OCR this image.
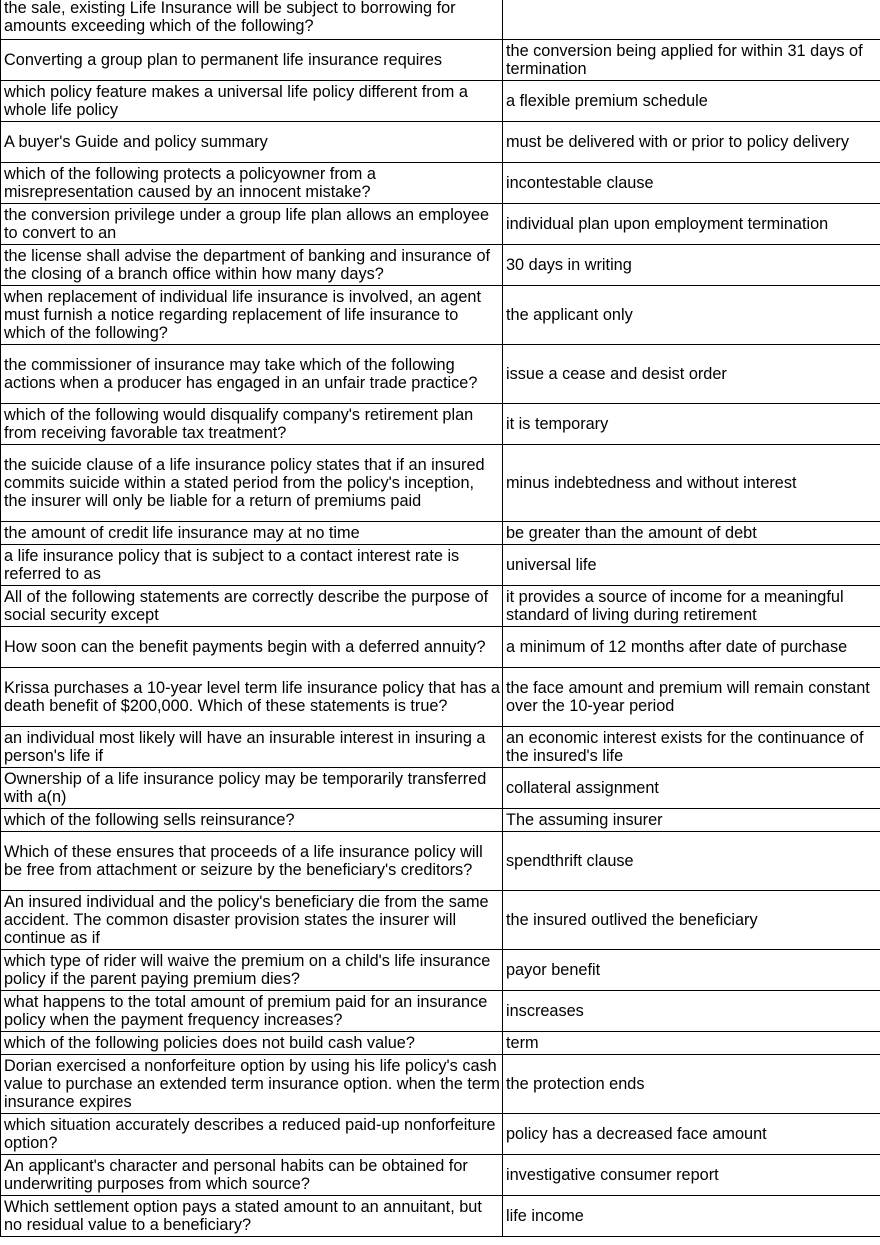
the sale, existing Life Insurance will be subject to borrowing for amounts exceeding which of the following?	
Converting a group plan to permanent life insurance requires	the conversion being applied for within 31 days of termination
which policy feature makes a universal life policy different from a whole life policy	a flexible premium schedule
A buyer's Guide and policy summary	must be delivered with or prior to policy delivery
which of the following protects a policyowner from a misrepresentation caused by an innocent mistake?	incontestable clause
the conversion privilege under a group life plan allows an employee to convert to an	individual plan upon employment termination
the license shall advise the department of banking and insurance of the closing of a branch office within how many days?	30 days in writing
when replacement of individual life insurance is involved, an agent must furnish a notice regarding replacement of life insurance to which of the following?	the applicant only
the commissioner of insurance may take which of the following actions when a producer has engaged in an unfair trade practice?	issue a cease and desist order
which of the following would disqualify company's retirement plan from receiving favorable tax treatment?	it is temporary
the suicide clause of a life insurance policy states that if an insured commits suicide within a stated period from the policy's inception, the insurer will only be liable for a return of premiums paid	minus indebtedness and without interest
the amount of credit life insurance may at no time	be greater than the amount of debt
a life insurance policy that is subject to a contact interest rate is referred to as	universal life
All of the following statements are correctly describe the purpose of social security except	it provides a source of income for a meaningful standard of living during retirement
How soon can the benefit payments begin with a deferred annuity?	a minimum of 12 months after date of purchase
Krissa purchases a 10-year level term life insurance policy that has a death benefit of $200,000. Which of these statements is true?	the face amount and premium will remain constant over the 10-year period
an individual most likely will have an insurable interest in insuring a person's life if	an economic interest exists for the continuance of the insured's life
Ownership of a life insurance policy may be temporarily transferred with a(n)	collateral assignment
which of the following sells reinsurance?	The assuming insurer
Which of these ensures that proceeds of a life insurance policy will be free from attachment or seizure by the beneficiary's creditors?	spendthrift clause
An insured individual and the policy's beneficiary die from the same accident. The common disaster provision states the insurer will continue as if	the insured outlived the beneficiary
which type of rider will waive the premium on a child's life insurance policy if the parent paying premium dies?	payor benefit
what happens to the total amount of premium paid for an insurance policy when the payment frequency increases?	inscreases
which of the following policies does not build cash value?	term
Dorian exercised a nonforfeiture option by using his life policy's cash value to purchase an extended term insurance option. when the term insurance expires	the protection ends
which situation accurately describes a reduced paid-up nonforfeiture option?	policy has a decreased face amount
An applicant's character and personal habits can be obtained for underwriting purposes from which source?	investigative consumer report
Which settlement option pays a stated amount to an annuitant, but no residual value to a beneficiary?	life income
